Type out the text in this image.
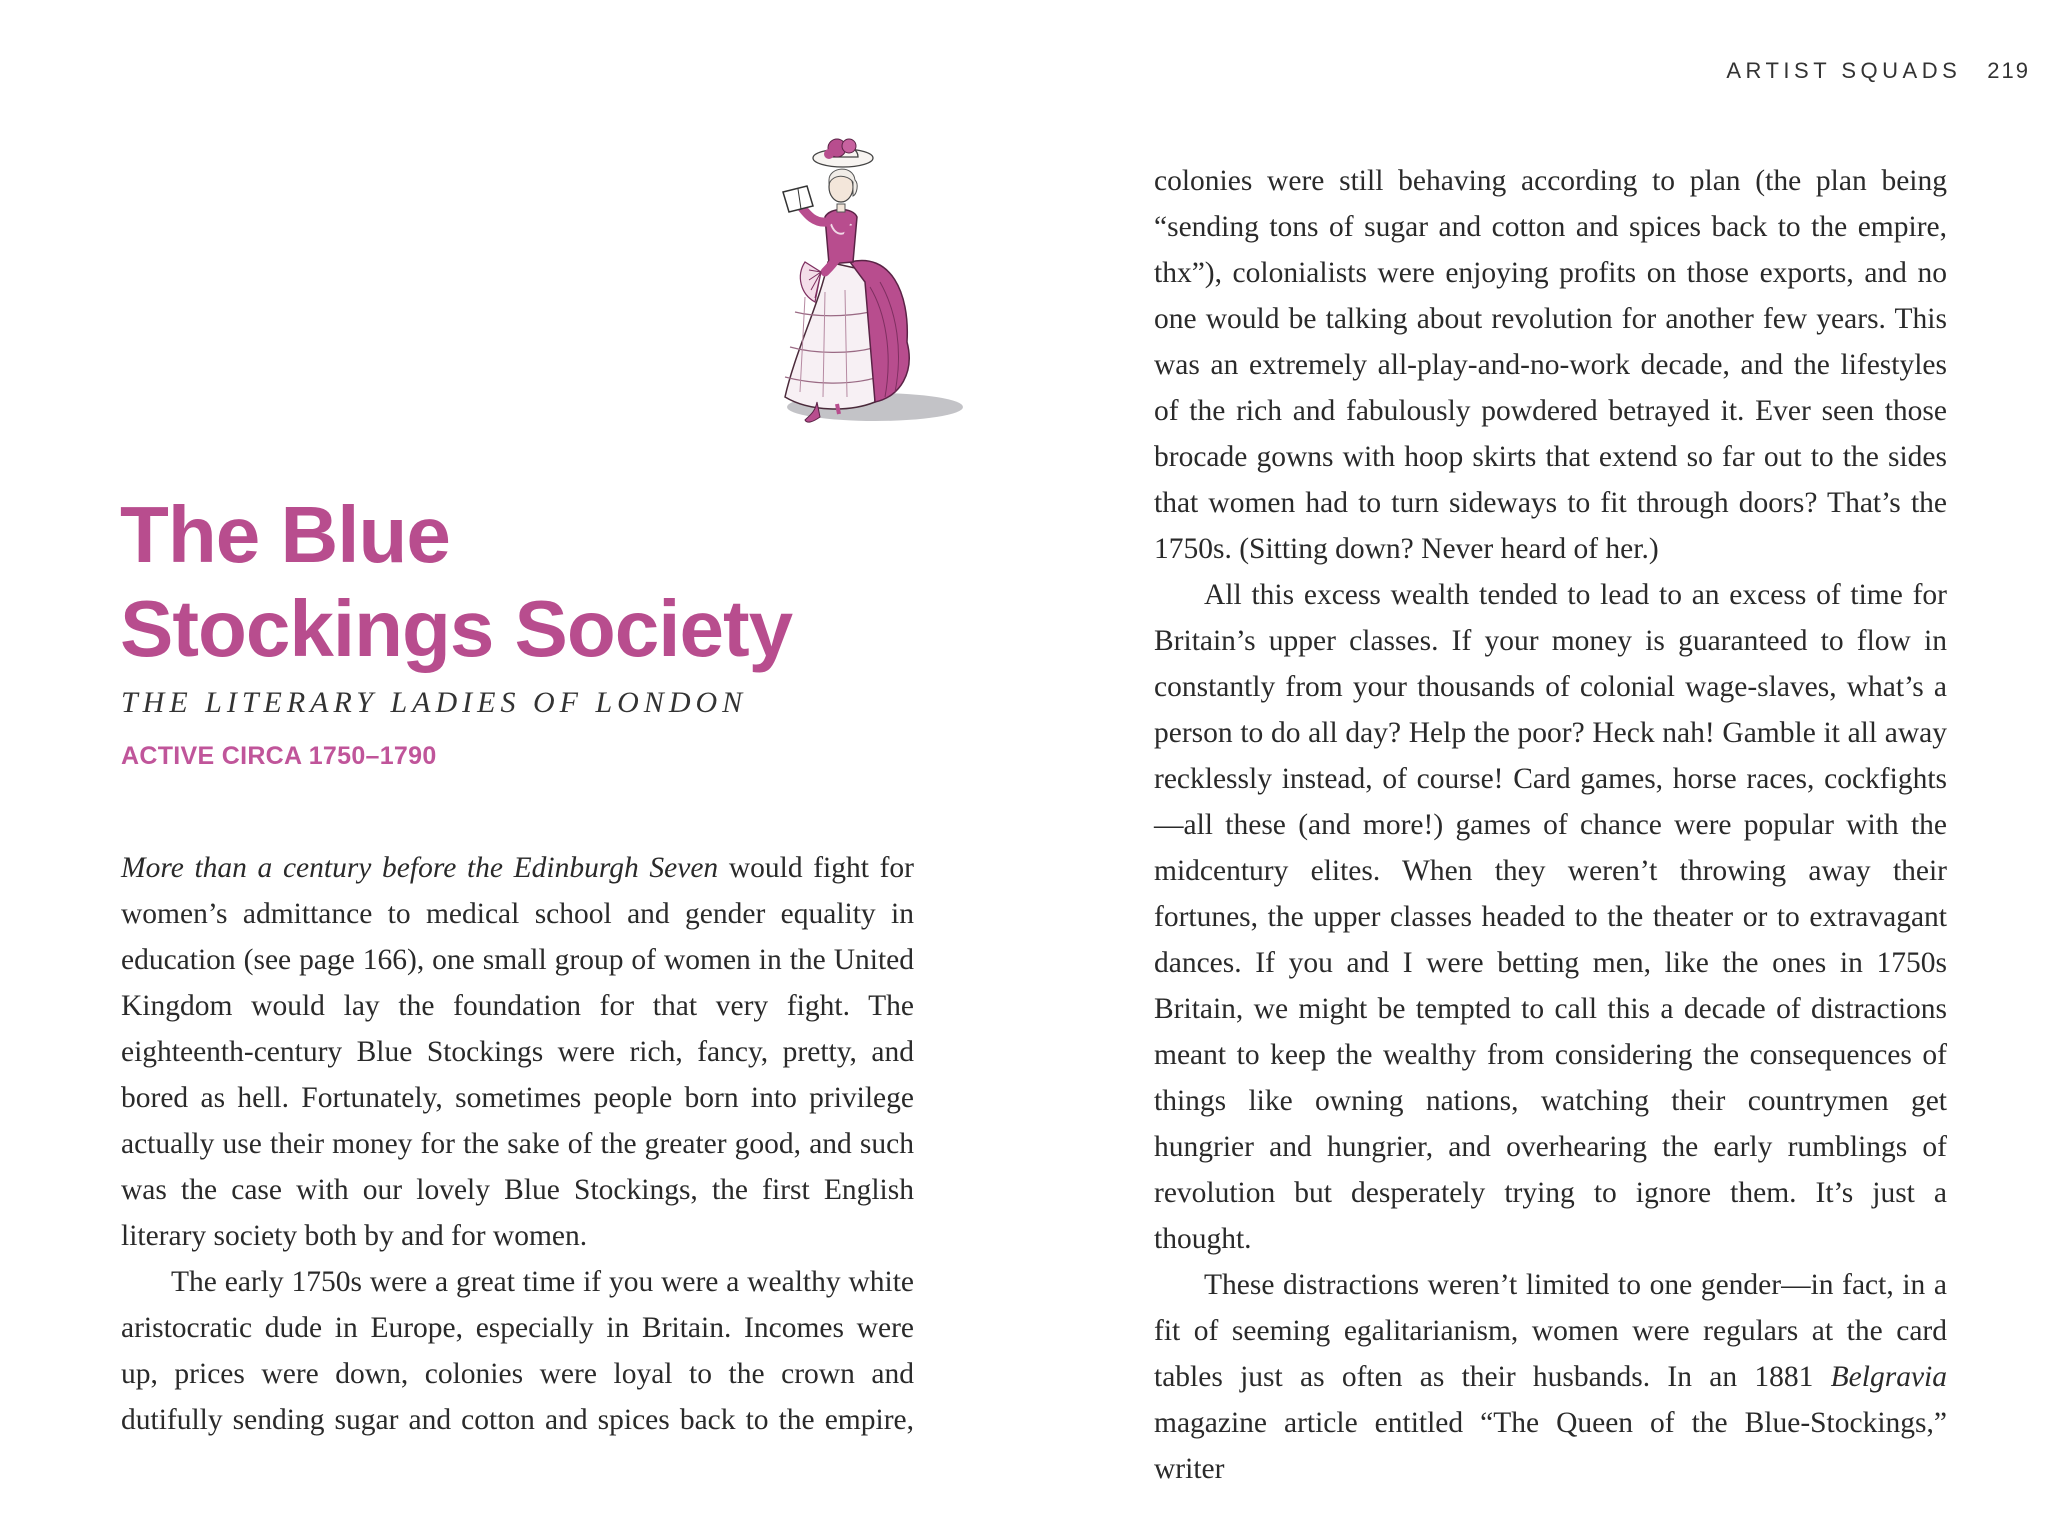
ARTIST SQUADS 219
The Blue
Stockings Society
THE LITERARY LADIES OF LONDON
ACTIVE CIRCA 1750–1790

More than a century before the Edinburgh Seven would fight for women’s admittance to medical school and gender equality in education (see page 166), one small group of women in the United Kingdom would lay the foundation for that very fight. The eighteenth-century Blue Stockings were rich, fancy, pretty, and bored as hell. Fortunately, sometimes people born into privilege actually use their money for the sake of the greater good, and such was the case with our lovely Blue Stockings, the first English literary society both by and for women.

The early 1750s were a great time if you were a wealthy white aristocratic dude in Europe, especially in Britain. Incomes were up, prices were down, colonies were loyal to the crown and dutifully sending sugar and cotton and spices back to the empire,

colonies were still behaving according to plan (the plan being “sending tons of sugar and cotton and spices back to the empire, thx”), colonialists were enjoying profits on those exports, and no one would be talking about revolution for another few years. This was an extremely all-play-and-no-work decade, and the lifestyles of the rich and fabulously powdered betrayed it. Ever seen those brocade gowns with hoop skirts that extend so far out to the sides that women had to turn sideways to fit through doors? That’s the 1750s. (Sitting down? Never heard of her.)

All this excess wealth tended to lead to an excess of time for Britain’s upper classes. If your money is guaranteed to flow in constantly from your thousands of colonial wage-slaves, what’s a person to do all day? Help the poor? Heck nah! Gamble it all away recklessly instead, of course! Card games, horse races, cockfights—all these (and more!) games of chance were popular with the midcentury elites. When they weren’t throwing away their fortunes, the upper classes headed to the theater or to extravagant dances. If you and I were betting men, like the ones in 1750s Britain, we might be tempted to call this a decade of distractions meant to keep the wealthy from considering the consequences of things like owning nations, watching their countrymen get hungrier and hungrier, and overhearing the early rumblings of revolution but desperately trying to ignore them. It’s just a thought.

These distractions weren’t limited to one gender—in fact, in a fit of seeming egalitarianism, women were regulars at the card tables just as often as their husbands. In an 1881 Belgravia magazine article entitled “The Queen of the Blue-Stockings,” writer
